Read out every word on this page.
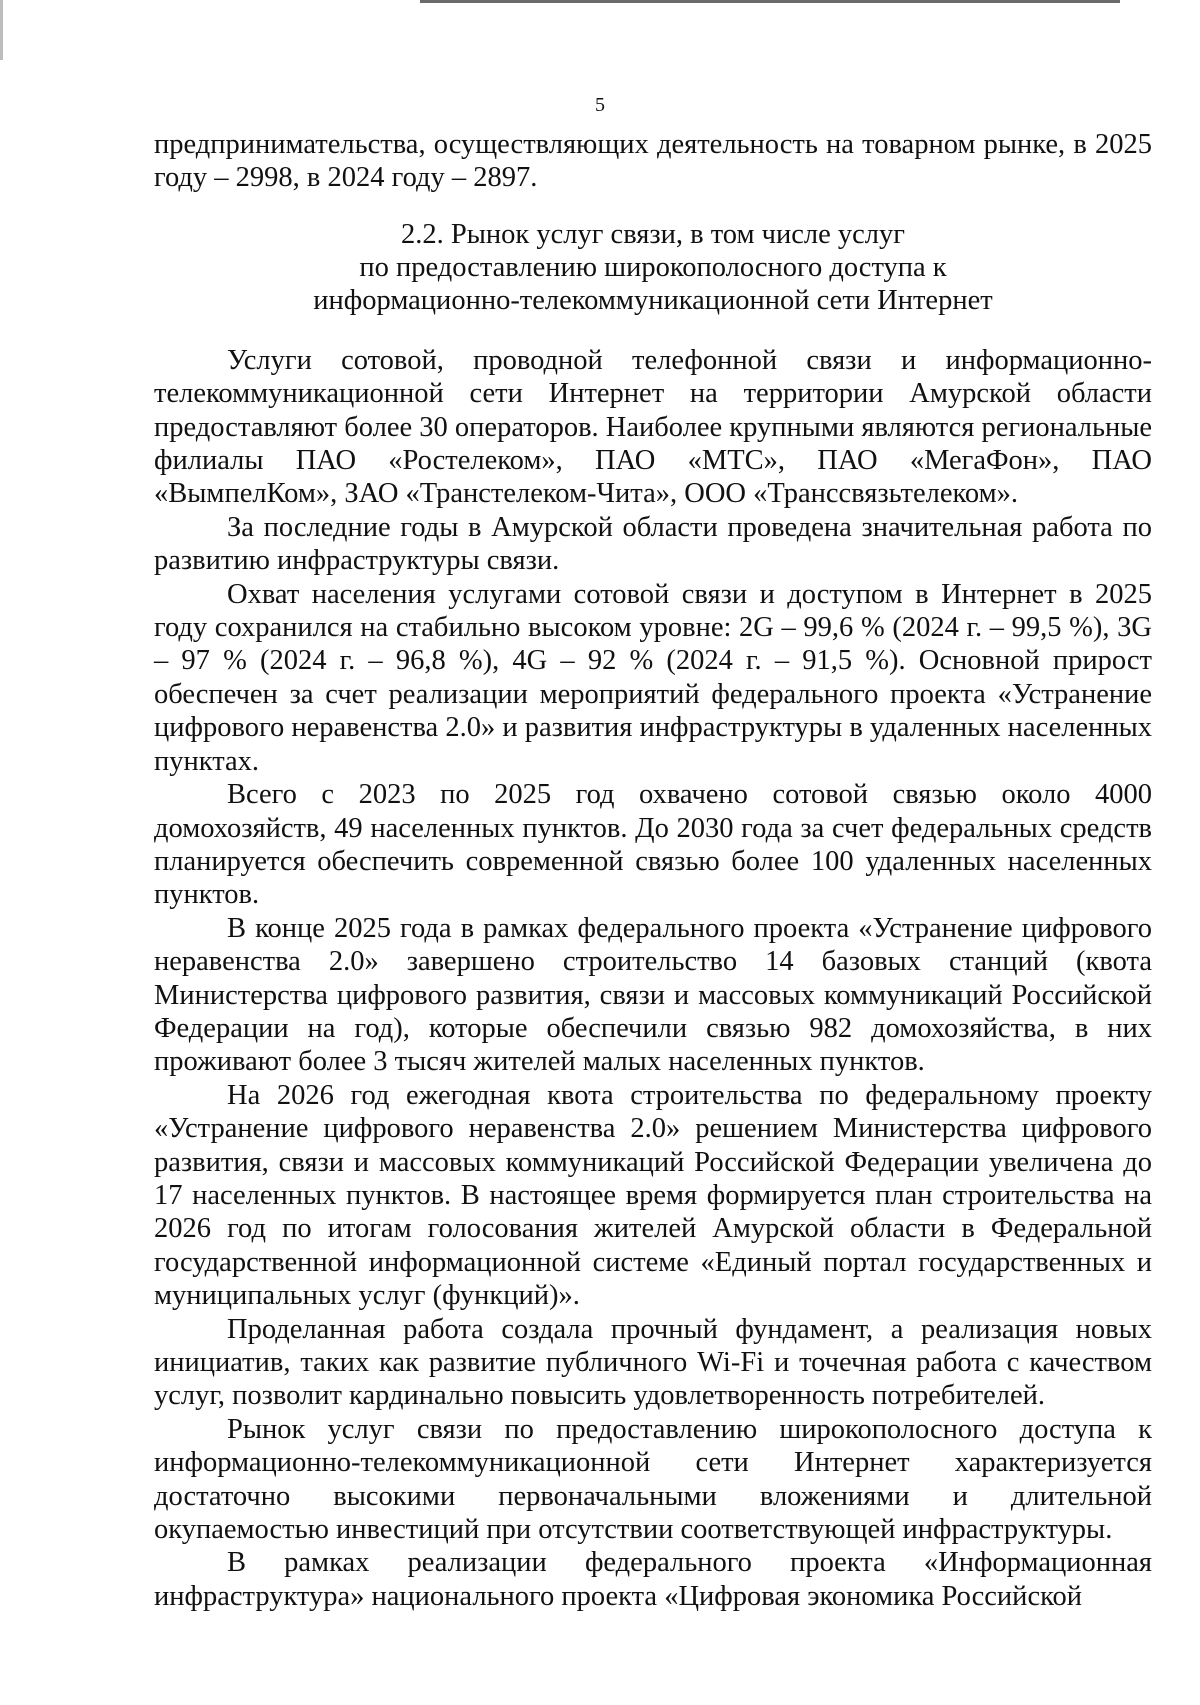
5

предпринимательства, осуществляющих деятельность на товарном рынке, в 2025 году – 2998, в 2024 году – 2897.

2.2. Рынок услуг связи, в том числе услуг
по предоставлению широкополосного доступа к
информационно-телекоммуникационной сети Интернет

Услуги сотовой, проводной телефонной связи и информационно-телекоммуникационной сети Интернет на территории Амурской области предоставляют более 30 операторов. Наиболее крупными являются региональные филиалы ПАО «Ростелеком», ПАО «МТС», ПАО «МегаФон», ПАО «ВымпелКом», ЗАО «Транстелеком-Чита», ООО «Трансcвязьтелеком».

За последние годы в Амурской области проведена значительная работа по развитию инфраструктуры связи.

Охват населения услугами сотовой связи и доступом в Интернет в 2025 году сохранился на стабильно высоком уровне: 2G – 99,6 % (2024 г. – 99,5 %), 3G – 97 % (2024 г. – 96,8 %), 4G – 92 % (2024 г. – 91,5 %). Основной прирост обеспечен за счет реализации мероприятий федерального проекта «Устранение цифрового неравенства 2.0» и развития инфраструктуры в удаленных населенных пунктах.

Всего с 2023 по 2025 год охвачено сотовой связью около 4000 домохозяйств, 49 населенных пунктов. До 2030 года за счет федеральных средств планируется обеспечить современной связью более 100 удаленных населенных пунктов.

В конце 2025 года в рамках федерального проекта «Устранение цифрового неравенства 2.0» завершено строительство 14 базовых станций (квота Министерства цифрового развития, связи и массовых коммуникаций Российской Федерации на год), которые обеспечили связью 982 домохозяйства, в них проживают более 3 тысяч жителей малых населенных пунктов.

На 2026 год ежегодная квота строительства по федеральному проекту «Устранение цифрового неравенства 2.0» решением Министерства цифрового развития, связи и массовых коммуникаций Российской Федерации увеличена до 17 населенных пунктов. В настоящее время формируется план строительства на 2026 год по итогам голосования жителей Амурской области в Федеральной государственной информационной системе «Единый портал государственных и муниципальных услуг (функций)».

Проделанная работа создала прочный фундамент, а реализация новых инициатив, таких как развитие публичного Wi-Fi и точечная работа с качеством услуг, позволит кардинально повысить удовлетворенность потребителей.

Рынок услуг связи по предоставлению широкополосного доступа к информационно-телекоммуникационной сети Интернет характеризуется достаточно высокими первоначальными вложениями и длительной окупаемостью инвестиций при отсутствии соответствующей инфраструктуры.

В рамках реализации федерального проекта «Информационная инфраструктура» национального проекта «Цифровая экономика Российской
